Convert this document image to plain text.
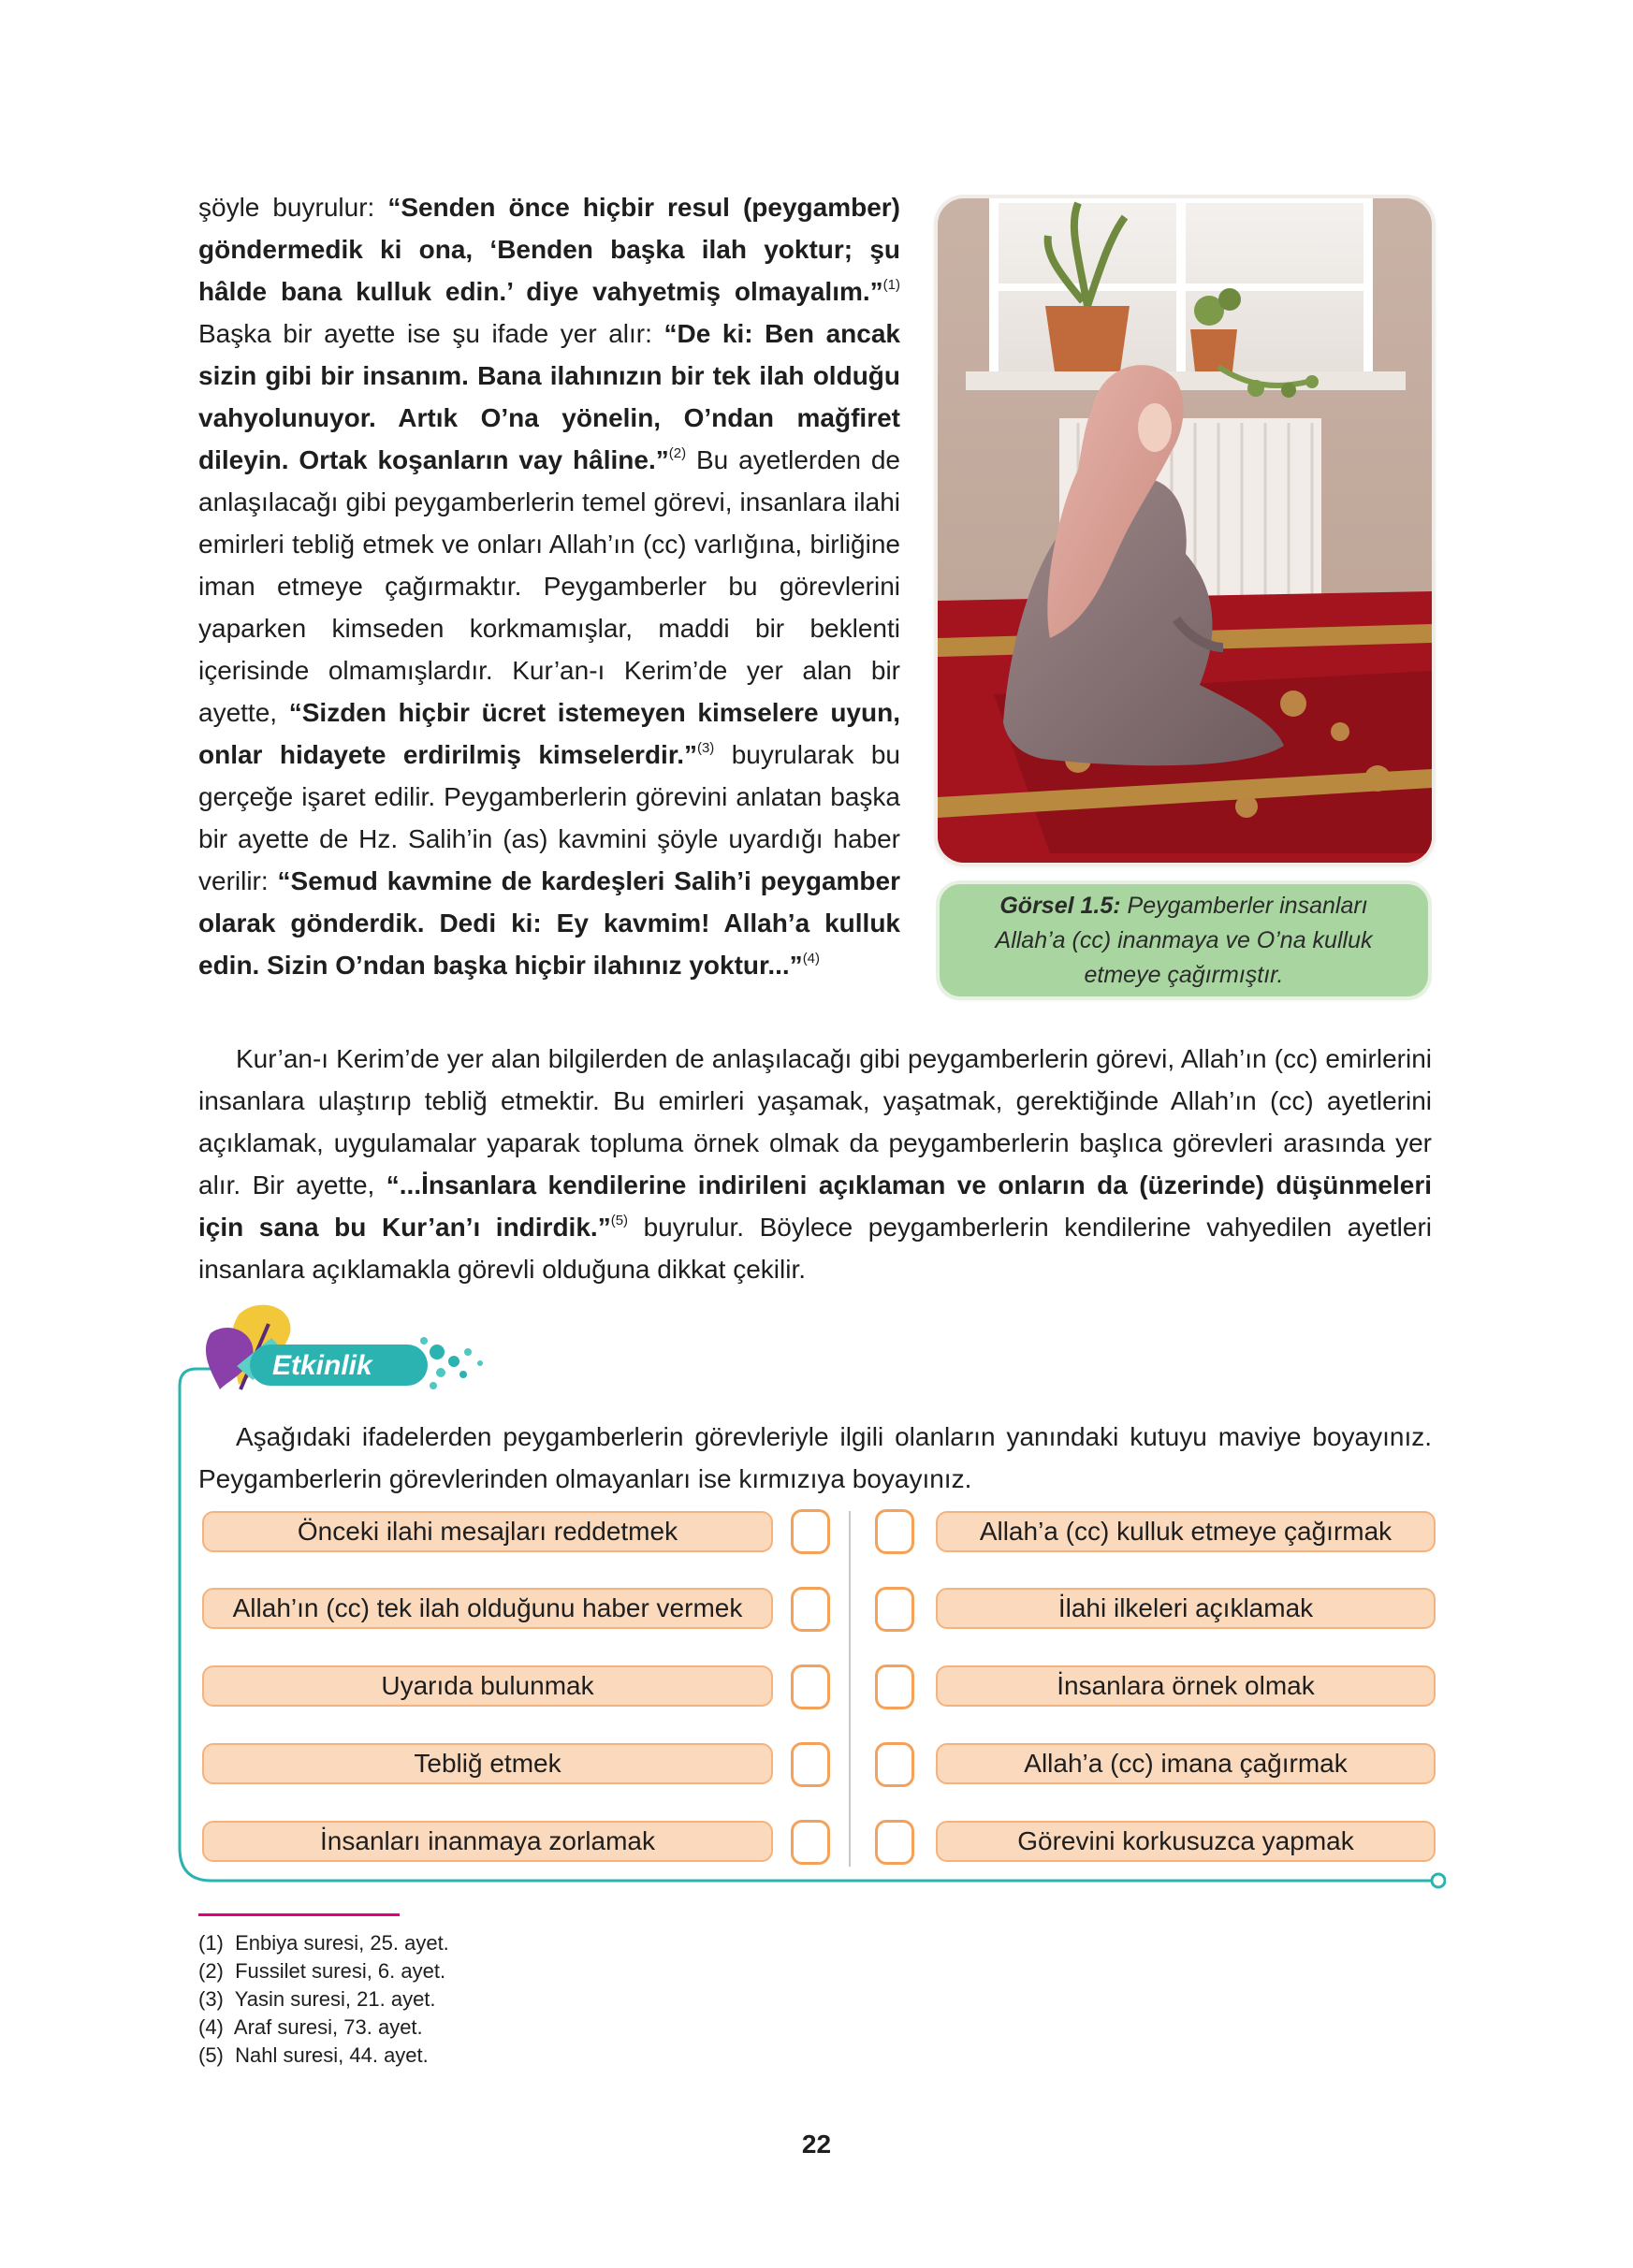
şöyle buyrulur: “Senden önce hiçbir resul (peygamber) göndermedik ki ona, ‘Benden başka ilah yoktur; şu hâlde bana kulluk edin.’ diye vahyetmiş olmayalım.”$^{(1)}$ Başka bir ayette ise şu ifade yer alır: “De ki: Ben ancak sizin gibi bir insanım. Bana ilahınızın bir tek ilah olduğu vahyolunuyor. Artık O’na yönelin, O’ndan mağfiret dileyin. Ortak koşanların vay hâline.”$^{(2)}$ Bu ayetlerden de anlaşılacağı gibi peygamberlerin temel görevi, insanlara ilahi emirleri tebliğ etmek ve onları Allah’ın (cc) varlığına, birliğine iman etmeye çağırmaktır. Peygamberler bu görevlerini yaparken kimseden korkmamışlar, maddi bir beklenti içerisinde olmamışlardır. Kur’an-ı Kerim’de yer alan bir ayette, “Sizden hiçbir ücret istemeyen kimselere uyun, onlar hidayete erdirilmiş kimselerdir.”$^{(3)}$ buyrularak bu gerçeğe işaret edilir. Peygamberlerin görevini anlatan başka bir ayette de Hz. Salih’in (as) kavmini şöyle uyardığı haber verilir: “Semud kavmine de kardeşleri Salih’i peygamber olarak gönderdik. Dedi ki: Ey kavmim! Allah’a kulluk edin. Sizin O’ndan başka hiçbir ilahınız yoktur...”$^{(4)}$
Görsel 1.5: Peygamberler insanları Allah’a (cc) inanmaya ve O’na kulluk etmeye çağırmıştır.
Kur’an-ı Kerim’de yer alan bilgilerden de anlaşılacağı gibi peygamberlerin görevi, Allah’ın (cc) emirlerini insanlara ulaştırıp tebliğ etmektir. Bu emirleri yaşamak, yaşatmak, gerektiğinde Allah’ın (cc) ayetlerini açıklamak, uygulamalar yaparak topluma örnek olmak da peygamberlerin başlıca görevleri arasında yer alır. Bir ayette, “...İnsanlara kendilerine indirileni açıklaman ve onların da (üzerinde) düşünmeleri için sana bu Kur’an’ı indirdik.”$^{(5)}$ buyrulur. Böylece peygamberlerin kendilerine vahyedilen ayetleri insanlara açıklamakla görevli olduğuna dikkat çekilir.
Etkinlik
Aşağıdaki ifadelerden peygamberlerin görevleriyle ilgili olanların yanındaki kutuyu maviye boyayınız. Peygamberlerin görevlerinden olmayanları ise kırmızıya boyayınız.
Önceki ilahi mesajları reddetmek
Allah’ın (cc) tek ilah olduğunu haber vermek
Uyarıda bulunmak
Tebliğ etmek
İnsanları inanmaya zorlamak
Allah’a (cc) kulluk etmeye çağırmak
İlahi ilkeleri açıklamak
İnsanlara örnek olmak
Allah’a (cc) imana çağırmak
Görevini korkusuzca yapmak
(1)  Enbiya suresi, 25. ayet.
(2)  Fussilet suresi, 6. ayet.
(3)  Yasin suresi, 21. ayet.
(4)  Araf suresi, 73. ayet.
(5)  Nahl suresi, 44. ayet.
22
